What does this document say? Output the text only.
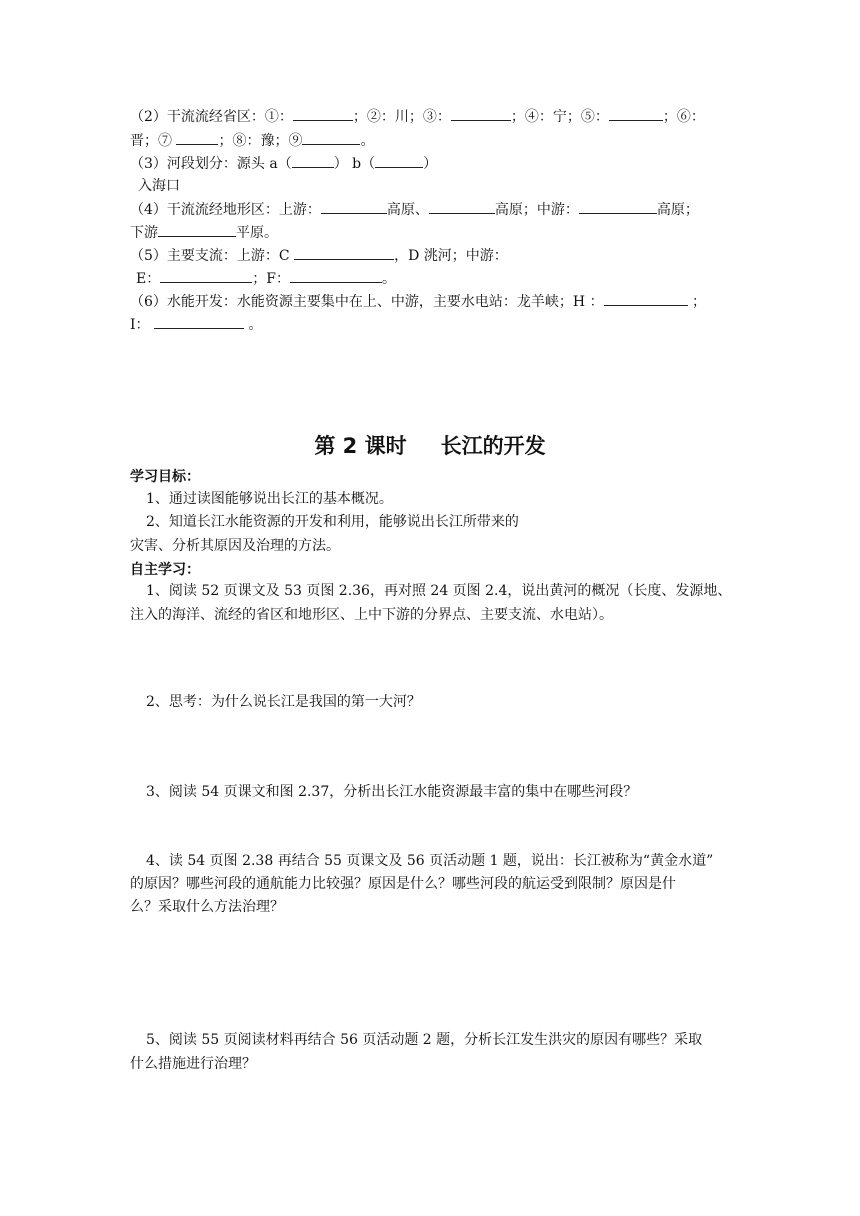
（2）干流流经省区：①：	；②：川；③：	；④：宁；⑤：	；⑥：
晋；⑦	；⑧：豫；⑨	。
（3）河段划分：源头 a（	） b（	）
入海口
（4）干流流经地形区：上游：	高原、	高原；中游：	高原；
下游	平原。
（5）主要支流：上游：C	，D 洮河；中游：
E：	；F：	。
（6）水能开发：水能资源主要集中在上、中游，主要水电站：龙羊峡；H ：	；
I：	。
第 2 课时 长江的开发
学习目标：
1、通过读图能够说出长江的基本概况。
2、知道长江水能资源的开发和利用，能够说出长江所带来的
灾害、分析其原因及治理的方法。
自主学习：
1、阅读 52 页课文及 53 页图 2.36，再对照 24 页图 2.4，说出黄河的概况（长度、发源地、
注入的海洋、流经的省区和地形区、上中下游的分界点、主要支流、水电站）。
2、思考：为什么说长江是我国的第一大河？
3、阅读 54 页课文和图 2.37，分析出长江水能资源最丰富的集中在哪些河段？
4、读 54 页图 2.38 再结合 55 页课文及 56 页活动题 1 题，说出：长江被称为“黄金水道”
的原因？哪些河段的通航能力比较强？原因是什么？哪些河段的航运受到限制？原因是什
么？采取什么方法治理？
5、阅读 55 页阅读材料再结合 56 页活动题 2 题，分析长江发生洪灾的原因有哪些？采取
什么措施进行治理？
